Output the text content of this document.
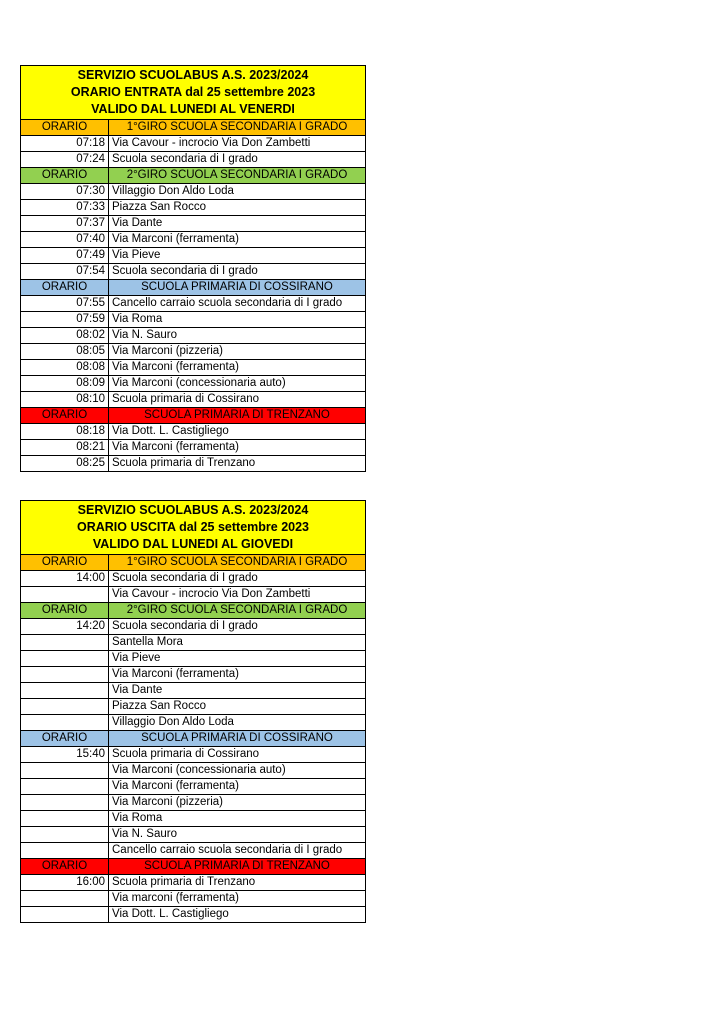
SERVIZIO SCUOLABUS A.S. 2023/2024
ORARIO ENTRATA dal 25 settembre 2023
VALIDO DAL LUNEDI AL VENERDI	

ORARIO	1°GIRO SCUOLA SECONDARIA I GRADO
07:18	Via Cavour - incrocio Via Don Zambetti
07:24	Scuola secondaria di I grado
ORARIO	2°GIRO SCUOLA SECONDARIA I GRADO
07:30	Villaggio Don Aldo Loda
07:33	Piazza San Rocco
07:37	Via Dante
07:40	Via Marconi (ferramenta)
07:49	Via Pieve
07:54	Scuola secondaria di I grado
ORARIO	SCUOLA PRIMARIA DI COSSIRANO
07:55	Cancello carraio scuola secondaria di I grado
07:59	Via Roma
08:02	Via N. Sauro
08:05	Via Marconi (pizzeria)
08:08	Via Marconi (ferramenta)
08:09	Via Marconi (concessionaria auto)
08:10	Scuola primaria di Cossirano
ORARIO	SCUOLA PRIMARIA DI TRENZANO
08:18	Via Dott. L. Castigliego
08:21	Via Marconi (ferramenta)
08:25	Scuola primaria di Trenzano
SERVIZIO SCUOLABUS A.S. 2023/2024
ORARIO USCITA dal 25 settembre 2023
VALIDO DAL LUNEDI AL GIOVEDI	

ORARIO	1°GIRO SCUOLA SECONDARIA I GRADO
14:00	Scuola secondaria di I grado
	Via Cavour - incrocio Via Don Zambetti
ORARIO	2°GIRO SCUOLA SECONDARIA I GRADO
14:20	Scuola secondaria di I grado
	Santella Mora
	Via Pieve
	Via Marconi (ferramenta)
	Via Dante
	Piazza San Rocco
	Villaggio Don Aldo Loda
ORARIO	SCUOLA PRIMARIA DI COSSIRANO
15:40	Scuola primaria di Cossirano
	Via Marconi (concessionaria auto)
	Via Marconi (ferramenta)
	Via Marconi (pizzeria)
	Via Roma
	Via N. Sauro
	Cancello carraio scuola secondaria di I grado
ORARIO	SCUOLA PRIMARIA DI TRENZANO
16:00	Scuola primaria di Trenzano
	Via marconi (ferramenta)
	Via Dott. L. Castigliego
